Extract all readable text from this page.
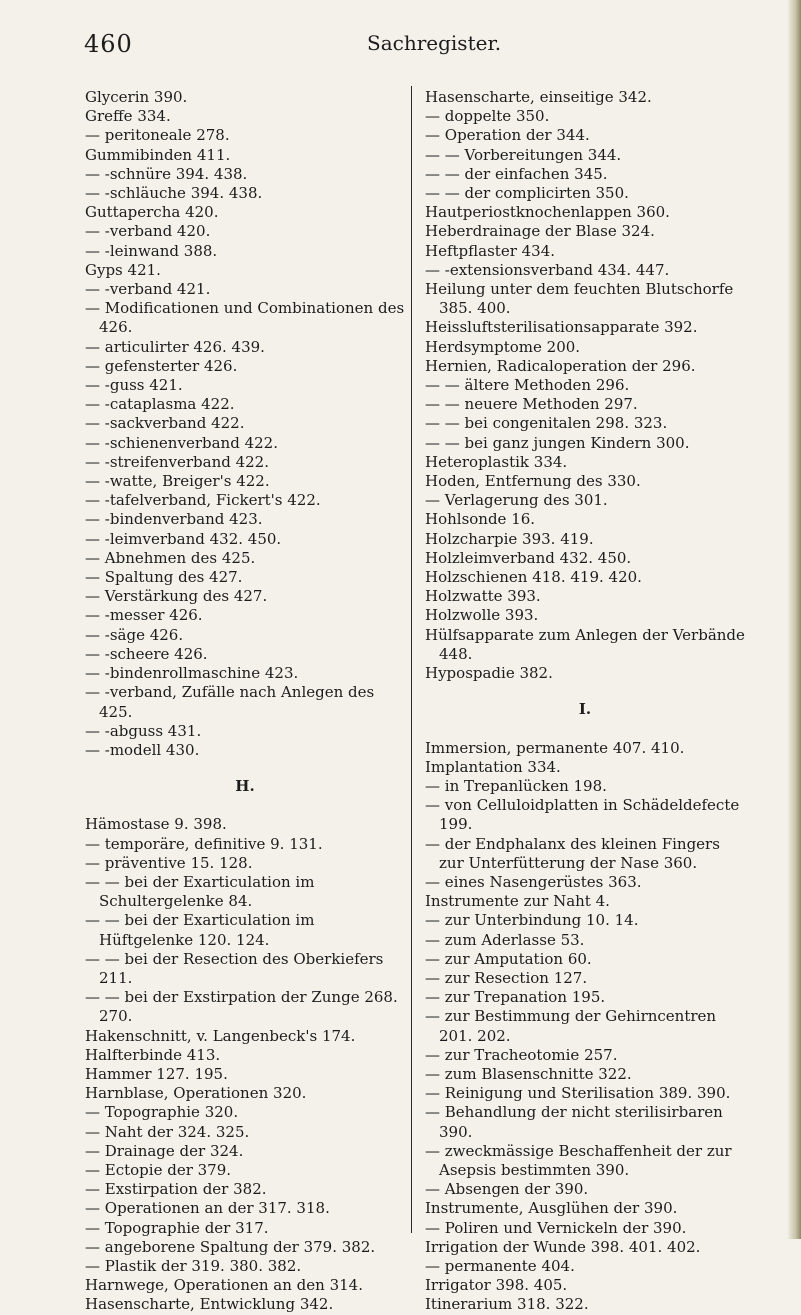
460	Sachregister.
Glycerin 390.
Greffe 334.
— peritoneale 278.
Gummibinden 411.
— -schnüre 394. 438.
— -schläuche 394. 438.
Guttapercha 420.
— -verband 420.
— -leinwand 388.
Gyps 421.
— -verband 421.
— Modificationen und Combinationen des 426.
— articulirter 426. 439.
— gefensterter 426.
— -guss 421.
— -cataplasma 422.
— -sackverband 422.
— -schienenverband 422.
— -streifenverband 422.
— -watte, Breiger's 422.
— -tafelverband, Fickert's 422.
— -bindenverband 423.
— -leimverband 432. 450.
— Abnehmen des 425.
— Spaltung des 427.
— Verstärkung des 427.
— -messer 426.
— -säge 426.
— -scheere 426.
— -bindenrollmaschine 423.
— -verband, Zufälle nach Anlegen des 425.
— -abguss 431.
— -modell 430.
H.
Hämostase 9. 398.
— temporäre, definitive 9. 131.
— präventive 15. 128.
— — bei der Exarticulation im Schultergelenke 84.
— — bei der Exarticulation im Hüftgelenke 120. 124.
— — bei der Resection des Oberkiefers 211.
— — bei der Exstirpation der Zunge 268. 270.
Hakenschnitt, v. Langenbeck's 174.
Halfterbinde 413.
Hammer 127. 195.
Harnblase, Operationen 320.
— Topographie 320.
— Naht der 324. 325.
— Drainage der 324.
— Ectopie der 379.
— Exstirpation der 382.
— Operationen an der 317. 318.
— Topographie der 317.
— angeborene Spaltung der 379. 382.
— Plastik der 319. 380. 382.
Harnwege, Operationen an den 314.
Hasenscharte, Entwicklung 342.
Hasenscharte, einseitige 342.
— doppelte 350.
— Operation der 344.
— — Vorbereitungen 344.
— — der einfachen 345.
— — der complicirten 350.
Hautperiostknochenlappen 360.
Heberdrainage der Blase 324.
Heftpflaster 434.
— -extensionsverband 434. 447.
Heilung unter dem feuchten Blutschorfe 385. 400.
Heissluftsterilisationsapparate 392.
Herdsymptome 200.
Hernien, Radicaloperation der 296.
— — ältere Methoden 296.
— — neuere Methoden 297.
— — bei congenitalen 298. 323.
— — bei ganz jungen Kindern 300.
Heteroplastik 334.
Hoden, Entfernung des 330.
— Verlagerung des 301.
Hohlsonde 16.
Holzcharpie 393. 419.
Holzleimverband 432. 450.
Holzschienen 418. 419. 420.
Holzwatte 393.
Holzwolle 393.
Hülfsapparate zum Anlegen der Verbände 448.
Hypospadie 382.
I.
Immersion, permanente 407. 410.
Implantation 334.
— in Trepanlücken 198.
— von Celluloidplatten in Schädeldefecte 199.
— der Endphalanx des kleinen Fingers zur Unterfütterung der Nase 360.
— eines Nasengerüstes 363.
Instrumente zur Naht 4.
— zur Unterbindung 10. 14.
— zum Aderlasse 53.
— zur Amputation 60.
— zur Resection 127.
— zur Trepanation 195.
— zur Bestimmung der Gehirncentren 201. 202.
— zur Tracheotomie 257.
— zum Blasenschnitte 322.
— Reinigung und Sterilisation 389. 390.
— Behandlung der nicht sterilisirbaren 390.
— zweckmässige Beschaffenheit der zur Asepsis bestimmten 390.
— Absengen der 390.
Instrumente, Ausglühen der 390.
— Poliren und Vernickeln der 390.
Irrigation der Wunde 398. 401. 402.
— permanente 404.
Irrigator 398. 405.
Itinerarium 318. 322.
